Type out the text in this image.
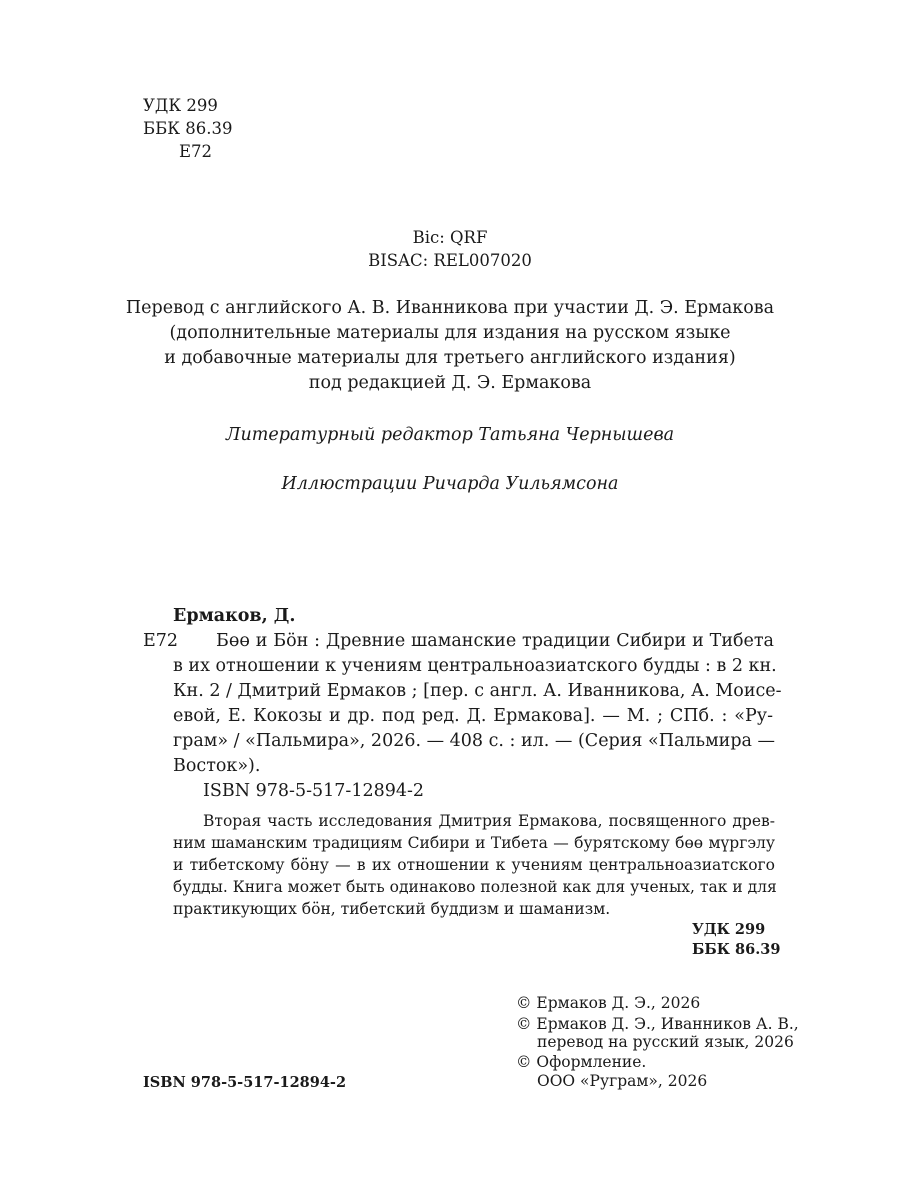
УДК 299
ББК 86.39
Е72
Bic: QRF
BISAC: REL007020
Перевод с английского А. В. Иванникова при участии Д. Э. Ермакова
(дополнительные материалы для издания на русском языке
и добавочные материалы для третьего английского издания)
под редакцией Д. Э. Ермакова
Литературный редактор Татьяна Чернышева
Иллюстрации Ричарда Уильямсона
Ермаков, Д.
Е72 Бөө и Бӧн : Древние шаманские традиции Сибири и Тибета
в их отношении к учениям центральноазиатского будды : в 2 кн.
Кн. 2 / Дмитрий Ермаков ; [пер. с англ. А. Иванникова, А. Моисе-
евой, Е. Кокозы и др. под ред. Д. Ермакова]. — М. ; СПб. : «Ру-
грам» / «Пальмира», 2026. — 408 с. : ил. — (Серия «Пальмира —
Восток»).
ISBN 978-5-517-12894-2
Вторая часть исследования Дмитрия Ермакова, посвященного древ-
ним шаманским традициям Сибири и Тибета — бурятскому бөө мүргэлу
и тибетскому бӧну — в их отношении к учениям центральноазиатского
будды. Книга может быть одинаково полезной как для ученых, так и для
практикующих бӧн, тибетский буддизм и шаманизм.
УДК 299
ББК 86.39
ISBN 978-5-517-12894-2
© Ермаков Д. Э., 2026
© Ермаков Д. Э., Иванников А. В.,
перевод на русский язык, 2026
© Оформление.
ООО «Руграм», 2026
